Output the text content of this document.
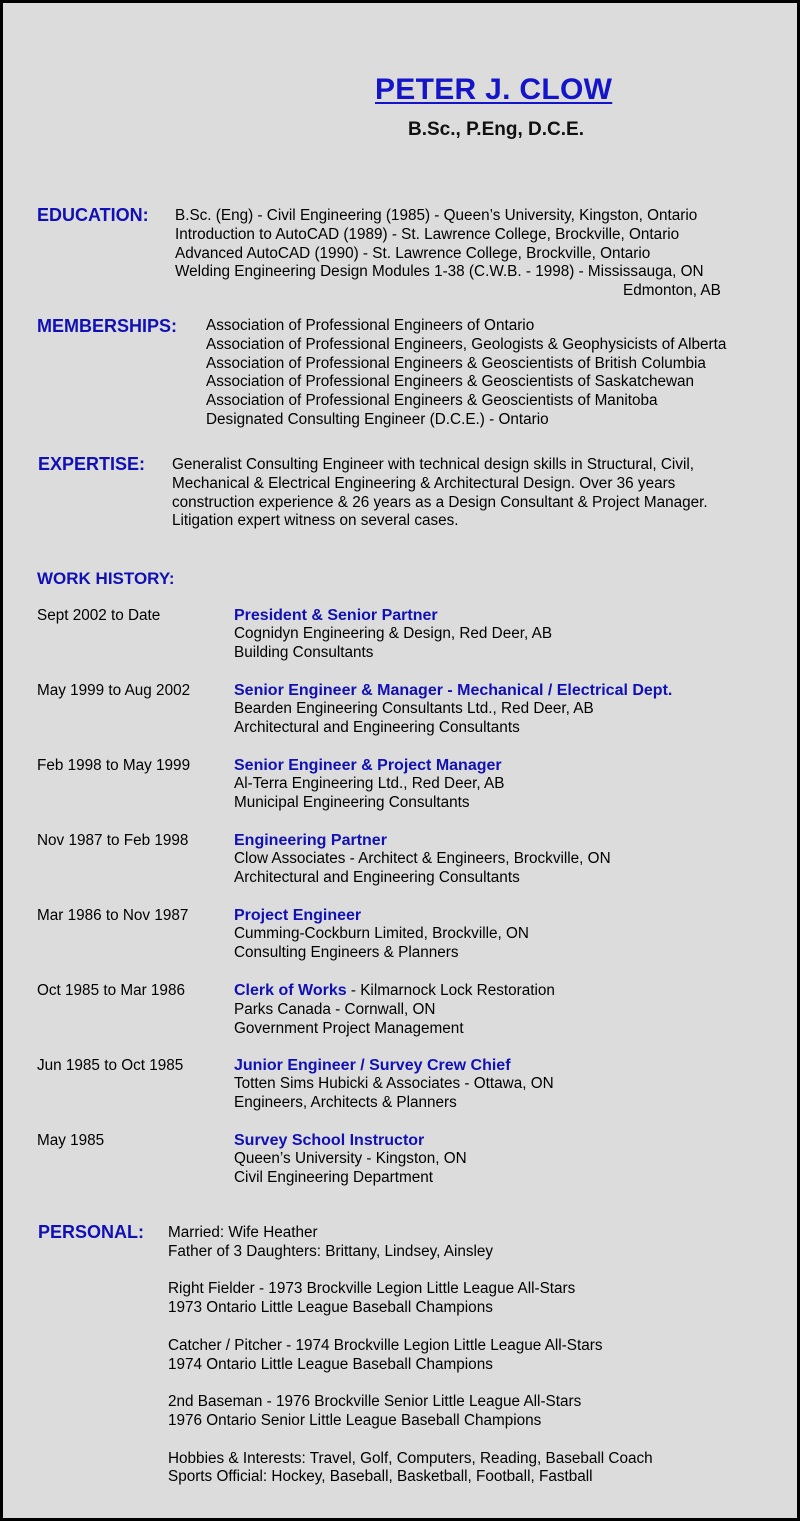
PETER J. CLOW
B.Sc., P.Eng, D.C.E.
EDUCATION: B.Sc. (Eng) - Civil Engineering (1985) - Queen’s University, Kingston, Ontario
Introduction to AutoCAD (1989) - St. Lawrence College, Brockville, Ontario
Advanced AutoCAD (1990) - St. Lawrence College, Brockville, Ontario
Welding Engineering Design Modules 1-38 (C.W.B. - 1998) - Mississauga, ON
Edmonton, AB
MEMBERSHIPS: Association of Professional Engineers of Ontario
Association of Professional Engineers, Geologists & Geophysicists of Alberta
Association of Professional Engineers & Geoscientists of British Columbia
Association of Professional Engineers & Geoscientists of Saskatchewan
Association of Professional Engineers & Geoscientists of Manitoba
Designated Consulting Engineer (D.C.E.) - Ontario
EXPERTISE: Generalist Consulting Engineer with technical design skills in Structural, Civil,
Mechanical & Electrical Engineering & Architectural Design. Over 36 years
construction experience & 26 years as a Design Consultant & Project Manager.
Litigation expert witness on several cases.
WORK HISTORY:
Sept 2002 to Date	President & Senior Partner
Cognidyn Engineering & Design, Red Deer, AB
Building Consultants
May 1999 to Aug 2002	Senior Engineer & Manager - Mechanical / Electrical Dept.
Bearden Engineering Consultants Ltd., Red Deer, AB
Architectural and Engineering Consultants
Feb 1998 to May 1999	Senior Engineer & Project Manager
Al-Terra Engineering Ltd., Red Deer, AB
Municipal Engineering Consultants
Nov 1987 to Feb 1998	Engineering Partner
Clow Associates - Architect & Engineers, Brockville, ON
Architectural and Engineering Consultants
Mar 1986 to Nov 1987	Project Engineer
Cumming-Cockburn Limited, Brockville, ON
Consulting Engineers & Planners
Oct 1985 to Mar 1986	Clerk of Works - Kilmarnock Lock Restoration
Parks Canada - Cornwall, ON
Government Project Management
Jun 1985 to Oct 1985	Junior Engineer / Survey Crew Chief
Totten Sims Hubicki & Associates - Ottawa, ON
Engineers, Architects & Planners
May 1985	Survey School Instructor
Queen’s University - Kingston, ON
Civil Engineering Department
PERSONAL: Married: Wife Heather
Father of 3 Daughters: Brittany, Lindsey, Ainsley
Right Fielder - 1973 Brockville Legion Little League All-Stars
1973 Ontario Little League Baseball Champions
Catcher / Pitcher - 1974 Brockville Legion Little League All-Stars
1974 Ontario Little League Baseball Champions
2nd Baseman - 1976 Brockville Senior Little League All-Stars
1976 Ontario Senior Little League Baseball Champions
Hobbies & Interests: Travel, Golf, Computers, Reading, Baseball Coach
Sports Official: Hockey, Baseball, Basketball, Football, Fastball
